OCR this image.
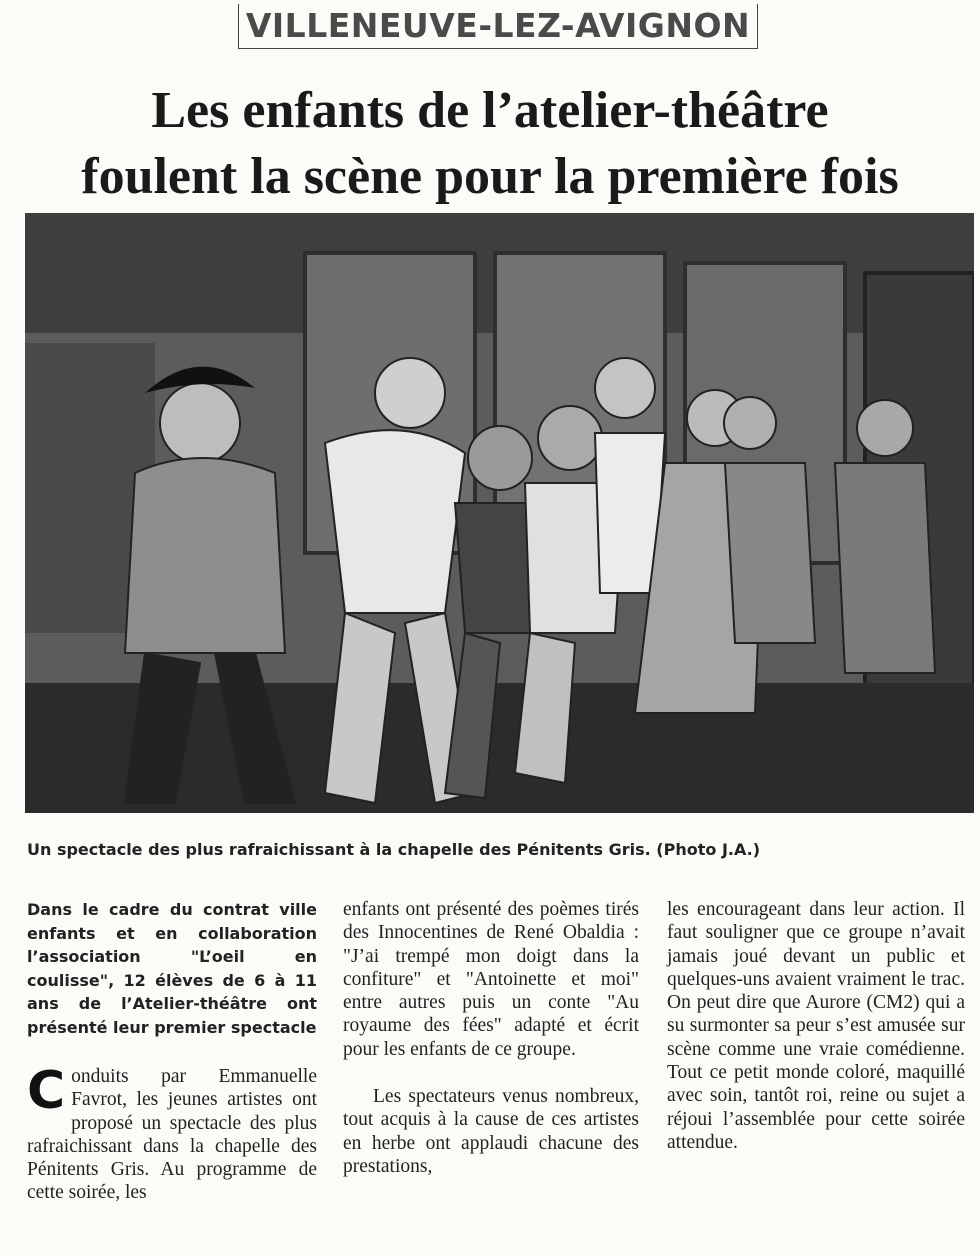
VILLENEUVE-LEZ-AVIGNON
Les enfants de l’atelier-théâtre
foulent la scène pour la première fois
Un spectacle des plus rafraichissant à la chapelle des Pénitents Gris. (Photo J.A.)

Dans le cadre du contrat ville enfants et en collaboration l’association "L’oeil en coulisse", 12 élèves de 6 à 11 ans de l’Atelier-théâtre ont présenté leur premier spectacle

Conduits par Emmanuelle Favrot, les jeunes artistes ont proposé un spectacle des plus rafraichissant dans la chapelle des Pénitents Gris. Au programme de cette soirée, les

enfants ont présenté des poèmes tirés des Innocentines de René Obaldia : "J’ai trempé mon doigt dans la confiture" et "Antoinette et moi" entre autres puis un conte "Au royaume des fées" adapté et écrit pour les enfants de ce groupe.

Les spectateurs venus nombreux, tout acquis à la cause de ces artistes en herbe ont applaudi chacune des prestations,

les encourageant dans leur action. Il faut souligner que ce groupe n’avait jamais joué devant un public et quelques-uns avaient vraiment le trac. On peut dire que Aurore (CM2) qui a su surmonter sa peur s’est amusée sur scène comme une vraie comédienne. Tout ce petit monde coloré, maquillé avec soin, tantôt roi, reine ou sujet a réjoui l’assemblée pour cette soirée attendue.
